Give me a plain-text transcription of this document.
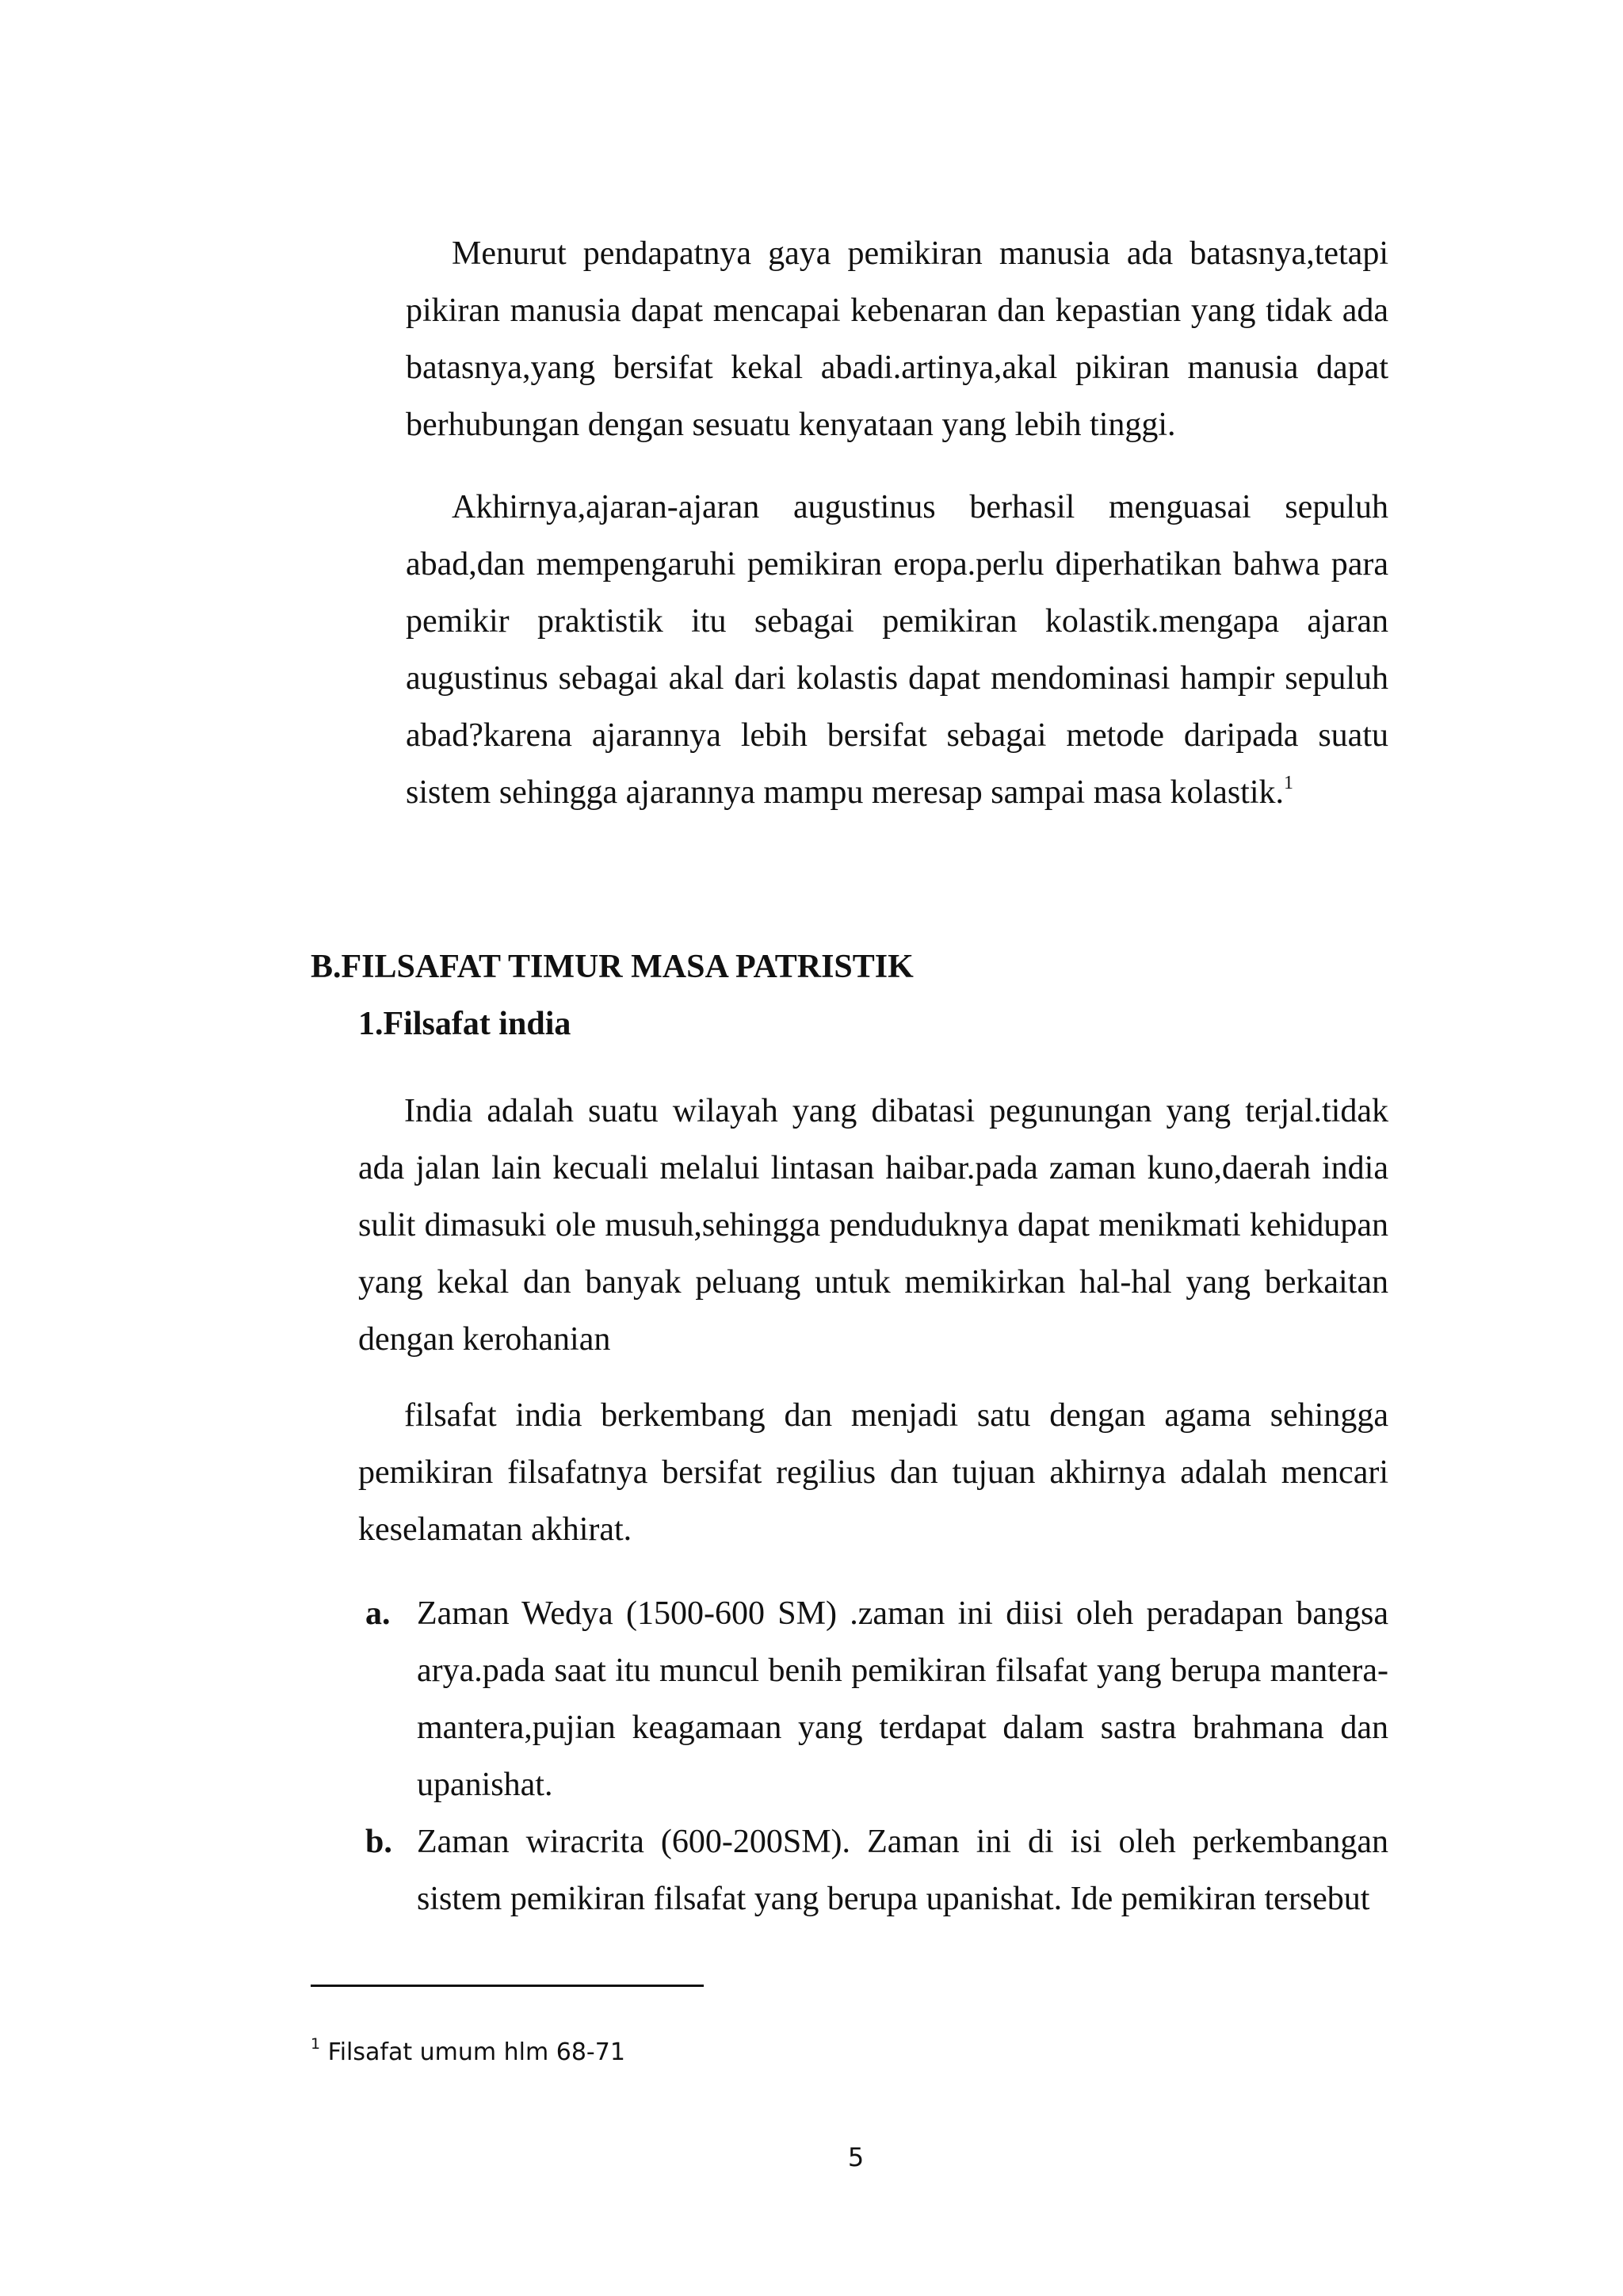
Menurut pendapatnya gaya pemikiran manusia ada batasnya,tetapi pikiran manusia dapat mencapai kebenaran dan kepastian yang tidak ada batasnya,yang bersifat kekal abadi.artinya,akal pikiran manusia dapat berhubungan dengan sesuatu kenyataan yang lebih tinggi.

Akhirnya,ajaran-ajaran augustinus berhasil menguasai sepuluh abad,dan mempengaruhi pemikiran eropa.perlu diperhatikan bahwa para pemikir praktistik itu sebagai pemikiran kolastik.mengapa ajaran augustinus sebagai akal dari kolastis dapat mendominasi hampir sepuluh abad?karena ajarannya lebih bersifat sebagai metode daripada suatu sistem sehingga ajarannya mampu meresap sampai masa kolastik.$^1$

B.FILSAFAT TIMUR MASA PATRISTIK
1.Filsafat india

India adalah suatu wilayah yang dibatasi pegunungan yang terjal.tidak ada jalan lain kecuali melalui lintasan haibar.pada zaman kuno,daerah india sulit dimasuki ole musuh,sehingga penduduknya dapat menikmati kehidupan yang kekal dan banyak peluang untuk memikirkan hal-hal yang berkaitan dengan kerohanian

filsafat india berkembang dan menjadi satu dengan agama sehingga pemikiran filsafatnya bersifat regilius dan tujuan akhirnya adalah mencari keselamatan akhirat.

a. Zaman Wedya (1500-600 SM) .zaman ini diisi oleh peradapan bangsa arya.pada saat itu muncul benih pemikiran filsafat yang berupa mantera-mantera,pujian keagamaan yang terdapat dalam sastra brahmana dan upanishat.
b. Zaman wiracrita (600-200SM). Zaman ini di isi oleh perkembangan sistem pemikiran filsafat yang berupa upanishat. Ide pemikiran tersebut
$^1$ Filsafat umum hlm 68-71
5
